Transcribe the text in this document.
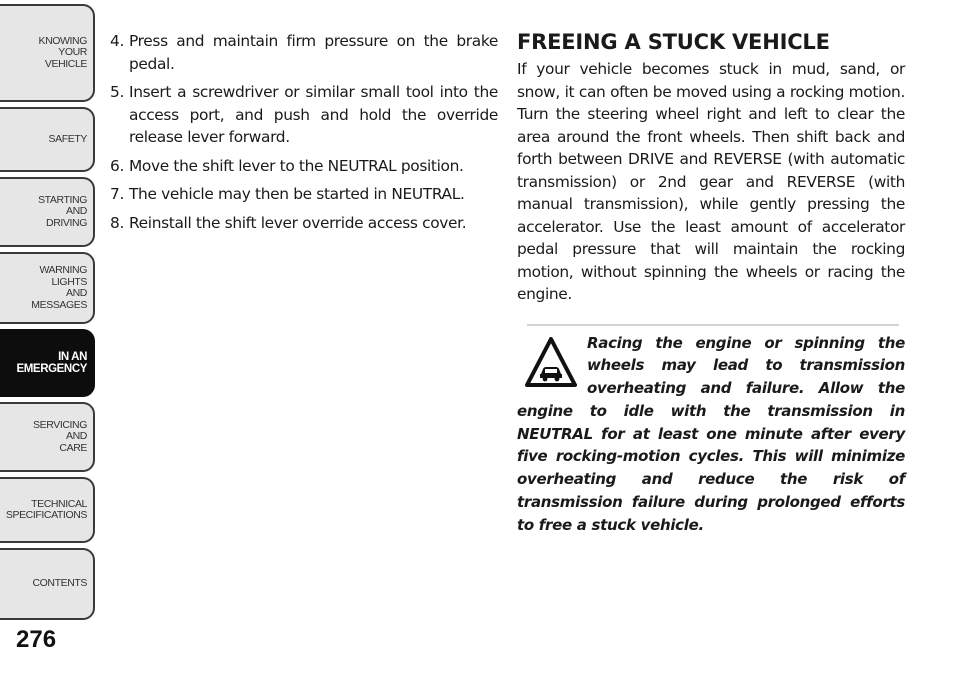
KNOWING
YOUR
VEHICLE
SAFETY
STARTING
AND
DRIVING
WARNING
LIGHTS
AND
MESSAGES
IN AN
EMERGENCY
SERVICING
AND
CARE
TECHNICAL
SPECIFICATIONS
CONTENTS
276
4. Press and maintain firm pressure on the brake pedal.
5. Insert a screwdriver or similar small tool into the access port, and push and hold the override release lever forward.
6. Move the shift lever to the NEUTRAL position.
7. The vehicle may then be started in NEUTRAL.
8. Reinstall the shift lever override access cover.
FREEING A STUCK VEHICLE

If your vehicle becomes stuck in mud, sand, or snow, it can often be moved using a rocking motion. Turn the steering wheel right and left to clear the area around the front wheels. Then shift back and forth between DRIVE and REVERSE (with automatic transmission) or 2nd gear and REVERSE (with manual transmission), while gently pressing the accelerator. Use the least amount of accelerator pedal pressure that will maintain the rocking motion, without spinning the wheels or racing the engine.

Racing the engine or spinning the wheels may lead to transmission overheating and failure. Allow the engine to idle with the transmission in NEUTRAL for at least one minute after every five rocking-motion cycles. This will minimize overheating and reduce the risk of transmission failure during prolonged efforts to free a stuck vehicle.
